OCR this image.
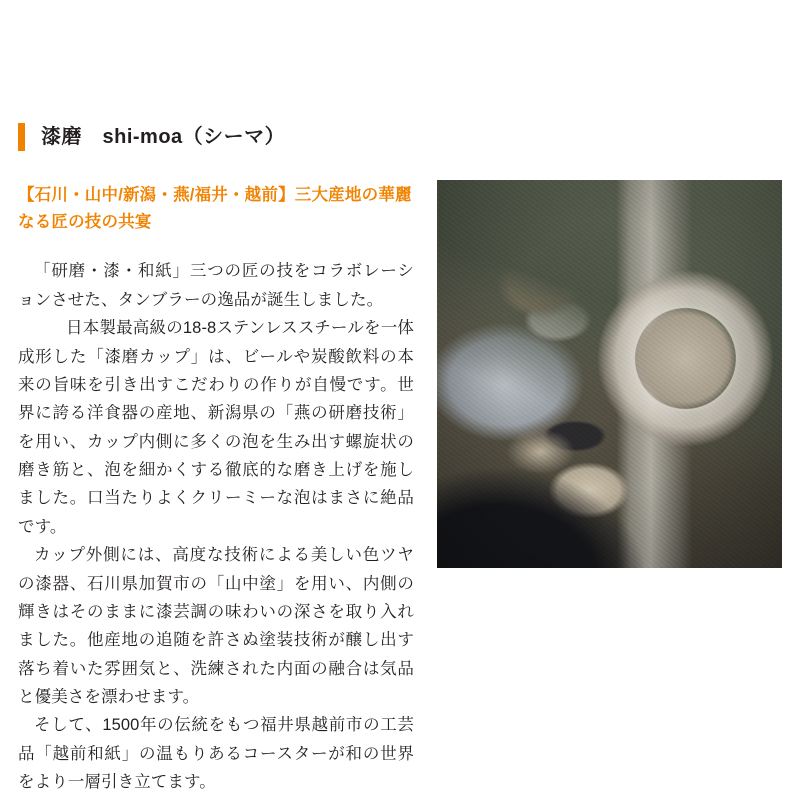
漆磨　shi-moa（シーマ）

【石川・山中/新潟・燕/福井・越前】三大産地の華麗なる匠の技の共宴

「研磨・漆・和紙」三つの匠の技をコラボレーションさせた、タンブラーの逸品が誕生しました。

日本製最高級の18-8ステンレススチールを一体成形した「漆磨カップ」は、ビールや炭酸飲料の本来の旨味を引き出すこだわりの作りが自慢です。世界に誇る洋食器の産地、新潟県の「燕の研磨技術」を用い、カップ内側に多くの泡を生み出す螺旋状の磨き筋と、泡を細かくする徹底的な磨き上げを施しました。口当たりよくクリーミーな泡はまさに絶品です。

カップ外側には、高度な技術による美しい色ツヤの漆器、石川県加賀市の「山中塗」を用い、内側の輝きはそのままに漆芸調の味わいの深さを取り入れました。他産地の追随を許さぬ塗装技術が醸し出す落ち着いた雰囲気と、洗練された内面の融合は気品と優美さを漂わせます。

そして、1500年の伝統をもつ福井県越前市の工芸品「越前和紙」の温もりあるコースターが和の世界をより一層引き立てます。
